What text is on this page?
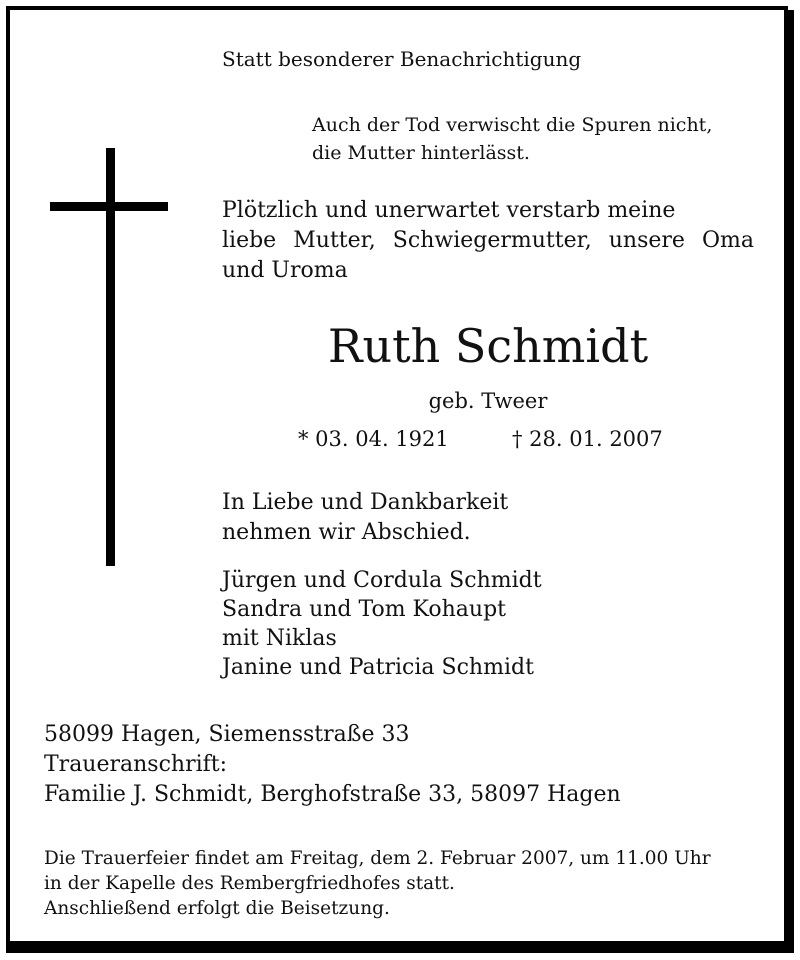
Statt besonderer Benachrichtigung
Auch der Tod verwischt die Spuren nicht,
die Mutter hinterlässt.
Plötzlich und unerwartet verstarb meine
liebe Mutter, Schwiegermutter, unsere Oma
und Uroma
Ruth Schmidt
geb. Tweer
* 03. 04. 1921	† 28. 01. 2007
In Liebe und Dankbarkeit
nehmen wir Abschied.
Jürgen und Cordula Schmidt
Sandra und Tom Kohaupt
mit Niklas
Janine und Patricia Schmidt
58099 Hagen, Siemensstraße 33
Traueranschrift:
Familie J. Schmidt, Berghofstraße 33, 58097 Hagen
Die Trauerfeier findet am Freitag, dem 2. Februar 2007, um 11.00 Uhr
in der Kapelle des Rembergfriedhofes statt.
Anschließend erfolgt die Beisetzung.
